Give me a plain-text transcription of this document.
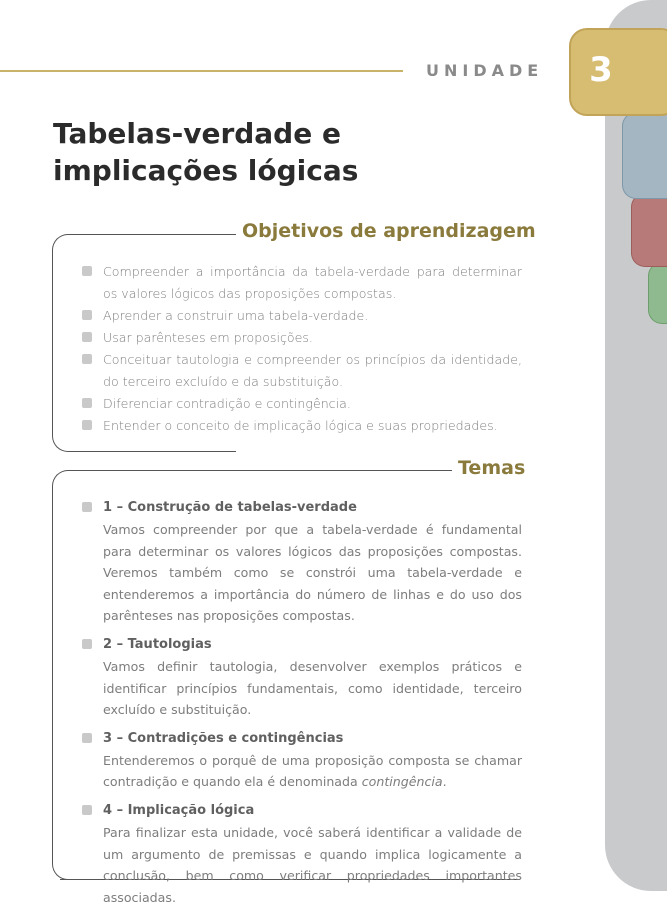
UNIDADE 3
Tabelas-verdade e
implicações lógicas
Objetivos de aprendizagem
Compreender a importância da tabela-verdade para determinar os valores lógicos das proposições compostas.
Aprender a construir uma tabela-verdade.
Usar parênteses em proposições.
Conceituar tautologia e compreender os princípios da identidade, do terceiro excluído e da substituição.
Diferenciar contradição e contingência.
Entender o conceito de implicação lógica e suas propriedades.
Temas
1 – Construção de tabelas-verdade
Vamos compreender por que a tabela-verdade é fundamental para determinar os valores lógicos das proposições compostas. Veremos também como se constrói uma tabela-verdade e entenderemos a importância do número de linhas e do uso dos parênteses nas proposições compostas.
2 – Tautologias
Vamos definir tautologia, desenvolver exemplos práticos e identificar princípios fundamentais, como identidade, terceiro excluído e substituição.
3 – Contradições e contingências
Entenderemos o porquê de uma proposição composta se chamar contradição e quando ela é denominada contingência.
4 – Implicação lógica
Para finalizar esta unidade, você saberá identificar a validade de um argumento de premissas e quando implica logicamente a conclusão, bem como verificar propriedades importantes associadas.
